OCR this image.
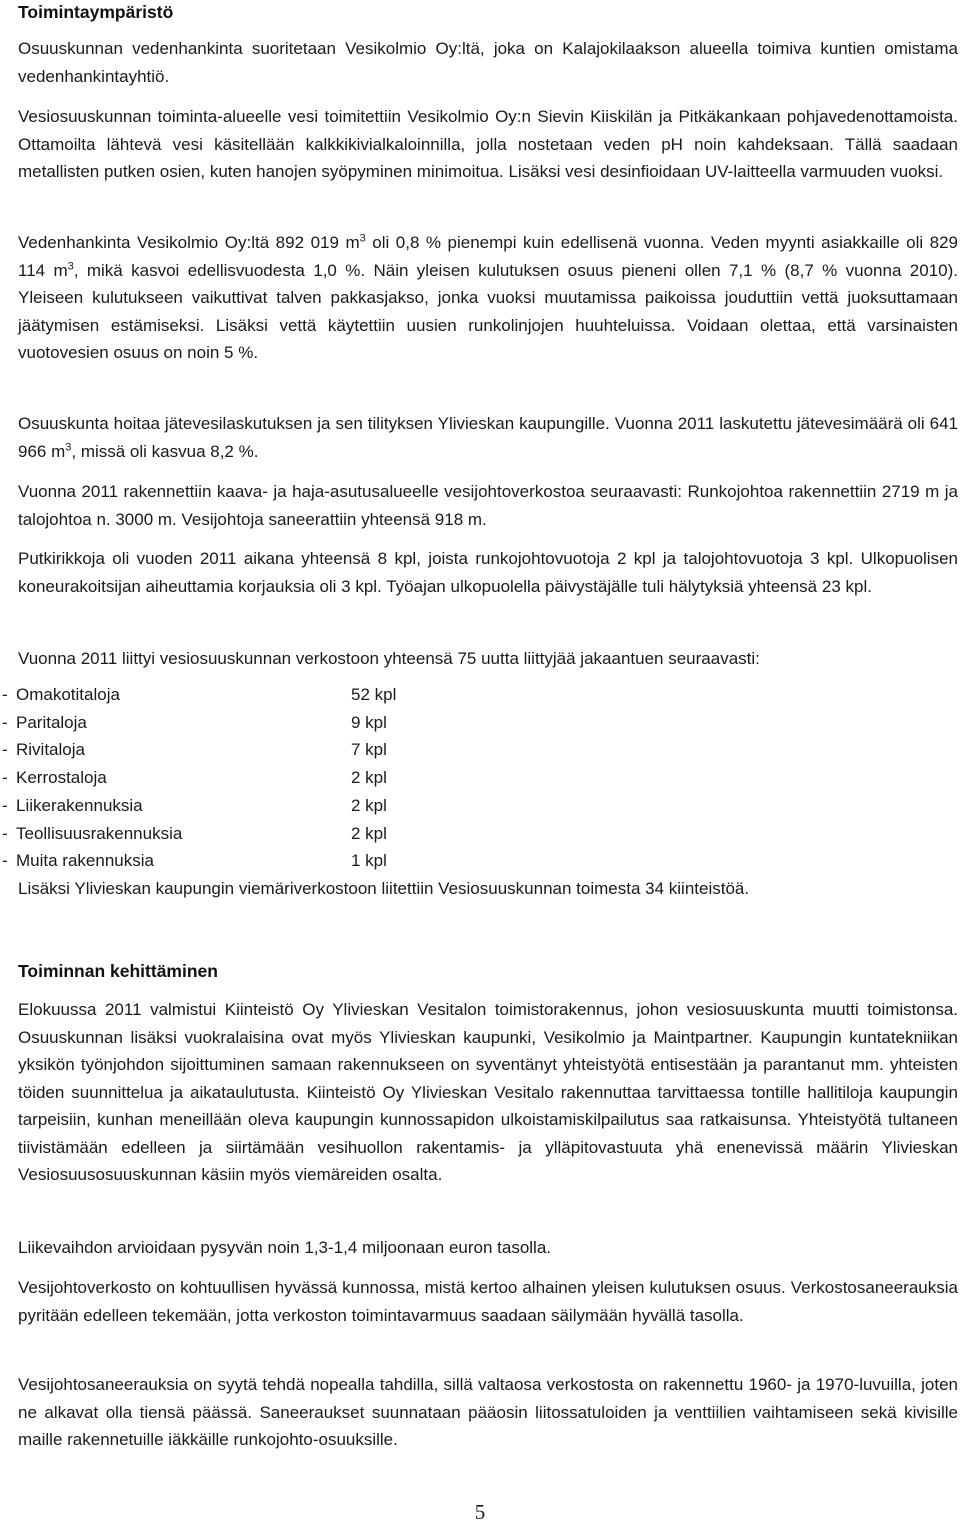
Toimintaympäristö

Osuuskunnan vedenhankinta suoritetaan Vesikolmio Oy:ltä, joka on Kalajokilaakson alueella toimiva kuntien omistama vedenhankintayhtiö.

Vesiosuuskunnan toiminta-alueelle vesi toimitettiin Vesikolmio Oy:n Sievin Kiiskilän ja Pitkäkankaan pohjavedenottamoista. Ottamoilta lähtevä vesi käsitellään kalkkikivialkaloinnilla, jolla nostetaan veden pH noin kahdeksaan. Tällä saadaan metallisten putken osien, kuten hanojen syöpyminen minimoitua. Lisäksi vesi desinfioidaan UV-laitteella varmuuden vuoksi.

Vedenhankinta Vesikolmio Oy:ltä 892 019 $m^3$ oli 0,8 % pienempi kuin edellisenä vuonna. Veden myynti asiakkaille oli 829 114 $m^3$, mikä kasvoi edellisvuodesta 1,0 %. Näin yleisen kulutuksen osuus pieneni ollen 7,1 % (8,7 % vuonna 2010). Yleiseen kulutukseen vaikuttivat talven pakkasjakso, jonka vuoksi muutamissa paikoissa jouduttiin vettä juoksuttamaan jäätymisen estämiseksi. Lisäksi vettä käytettiin uusien runkolinjojen huuhteluissa. Voidaan olettaa, että varsinaisten vuotovesien osuus on noin 5 %.

Osuuskunta hoitaa jätevesilaskutuksen ja sen tilityksen Ylivieskan kaupungille. Vuonna 2011 laskutettu jätevesimäärä oli 641 966 $m^3$, missä oli kasvua 8,2 %.

Vuonna 2011 rakennettiin kaava- ja haja-asutusalueelle vesijohtoverkostoa seuraavasti: Runkojohtoa rakennettiin 2719 m ja talojohtoa n. 3000 m. Vesijohtoja saneerattiin yhteensä 918 m.

Putkirikkoja oli vuoden 2011 aikana yhteensä 8 kpl, joista runkojohtovuotoja 2 kpl ja talojohtovuotoja 3 kpl. Ulkopuolisen koneurakoitsijan aiheuttamia korjauksia oli 3 kpl. Työajan ulkopuolella päivystäjälle tuli hälytyksiä yhteensä 23 kpl.

Vuonna 2011 liittyi vesiosuuskunnan verkostoon yhteensä 75 uutta liittyjää jakaantuen seuraavasti:

- Omakotitaloja	52 kpl
- Paritaloja	9 kpl
- Rivitaloja	7 kpl
- Kerrostaloja	2 kpl
- Liikerakennuksia	2 kpl
- Teollisuusrakennuksia	2 kpl
- Muita rakennuksia	1 kpl

Lisäksi Ylivieskan kaupungin viemäriverkostoon liitettiin Vesiosuuskunnan toimesta 34 kiinteistöä.

Toiminnan kehittäminen

Elokuussa 2011 valmistui Kiinteistö Oy Ylivieskan Vesitalon toimistorakennus, johon vesiosuuskunta muutti toimistonsa. Osuuskunnan lisäksi vuokralaisina ovat myös Ylivieskan kaupunki, Vesikolmio ja Maintpartner. Kaupungin kuntatekniikan yksikön työnjohdon sijoittuminen samaan rakennukseen on syventänyt yhteistyötä entisestään ja parantanut mm. yhteisten töiden suunnittelua ja aikataulutusta. Kiinteistö Oy Ylivieskan Vesitalo rakennuttaa tarvittaessa tontille hallitiloja kaupungin tarpeisiin, kunhan meneillään oleva kaupungin kunnossapidon ulkoistamiskilpailutus saa ratkaisunsa. Yhteistyötä tultaneen tiivistämään edelleen ja siirtämään vesihuollon rakentamis- ja ylläpitovastuuta yhä enenevissä määrin Ylivieskan Vesiosuusosuuskunnan käsiin myös viemäreiden osalta.

Liikevaihdon arvioidaan pysyvän noin 1,3-1,4 miljoonaan euron tasolla.

Vesijohtoverkosto on kohtuullisen hyvässä kunnossa, mistä kertoo alhainen yleisen kulutuksen osuus. Verkostosaneerauksia pyritään edelleen tekemään, jotta verkoston toimintavarmuus saadaan säilymään hyvällä tasolla.

Vesijohtosaneerauksia on syytä tehdä nopealla tahdilla, sillä valtaosa verkostosta on rakennettu 1960- ja 1970-luvuilla, joten ne alkavat olla tiensä päässä. Saneeraukset suunnataan pääosin liitossatuloiden ja venttiilien vaihtamiseen sekä kivisille maille rakennetuille iäkkäille runkojohto-osuuksille.

5
